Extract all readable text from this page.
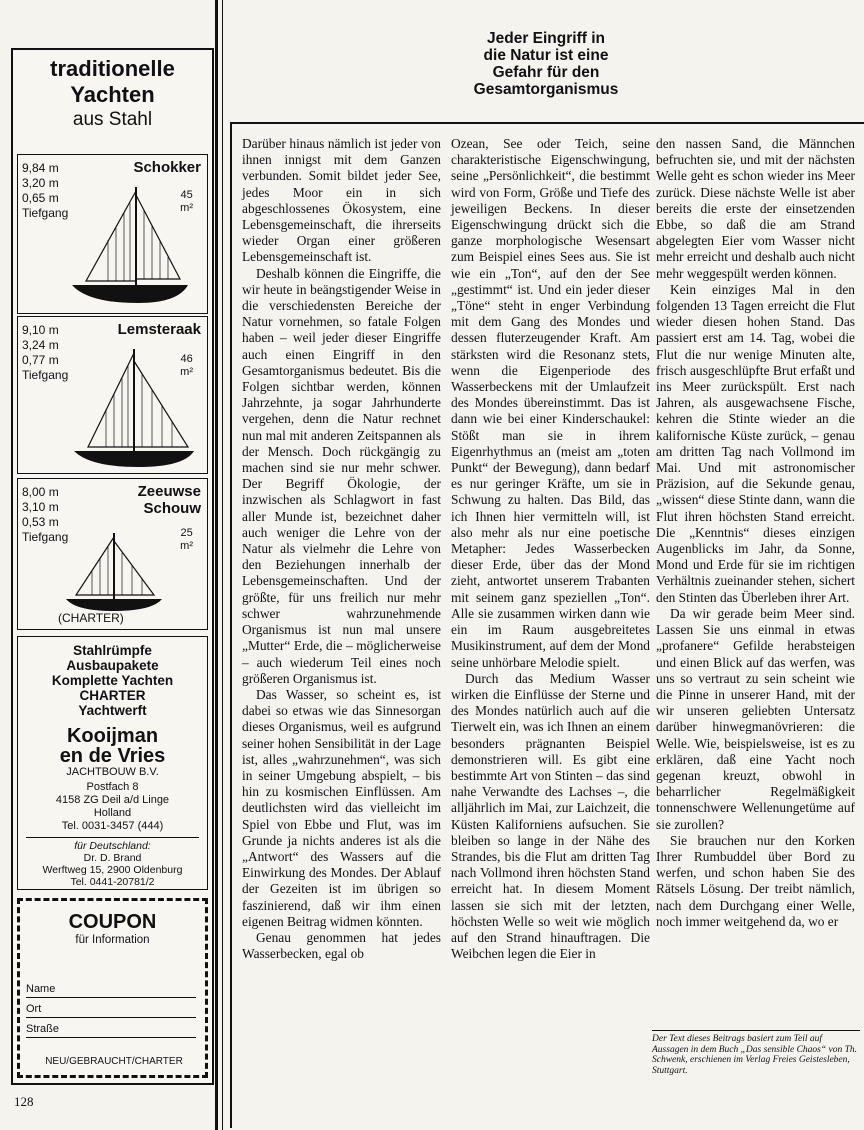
traditionelle
Yachten
aus Stahl
9,84 m
3,20 m
0,65 m
Tiefgang
Schokker
45
m²
9,10 m
3,24 m
0,77 m
Tiefgang
Lemsteraak
46
m²
8,00 m
3,10 m
0,53 m
Tiefgang
Zeeuwse Schouw
25
m²
(CHARTER)
Stahlrümpfe
Ausbaupakete
Komplette Yachten
CHARTER
Yachtwerft
Kooijman
en de Vries
JACHTBOUW B.V.
Postfach 8
4158 ZG Deil a/d Linge
Holland
Tel. 0031-3457 (444)
für Deutschland:
Dr. D. Brand
Werftweg 15, 2900 Oldenburg
Tel. 0441-20781/2
COUPON
für Information
Name
Ort
Straße
NEU/GEBRAUCHT/CHARTER
Jeder Eingriff in
die Natur ist eine
Gefahr für den
Gesamtorganismus

Darüber hinaus nämlich ist jeder von ihnen innigst mit dem Ganzen verbunden. Somit bildet jeder See, jedes Moor ein in sich abgeschlossenes Ökosystem, eine Lebensgemeinschaft, die ihrerseits wieder Organ einer größeren Lebensgemeinschaft ist.

Deshalb können die Eingriffe, die wir heute in beängstigender Weise in die verschiedensten Bereiche der Natur vornehmen, so fatale Folgen haben – weil jeder dieser Eingriffe auch einen Eingriff in den Gesamtorganismus bedeutet. Bis die Folgen sichtbar werden, können Jahrzehnte, ja sogar Jahrhunderte vergehen, denn die Natur rechnet nun mal mit anderen Zeitspannen als der Mensch. Doch rückgängig zu machen sind sie nur mehr schwer. Der Begriff Ökologie, der inzwischen als Schlagwort in fast aller Munde ist, bezeichnet daher auch weniger die Lehre von der Natur als vielmehr die Lehre von den Beziehungen innerhalb der Lebensgemeinschaften. Und der größte, für uns freilich nur mehr schwer wahrzunehmende Organismus ist nun mal unsere „Mutter“ Erde, die – möglicherweise – auch wiederum Teil eines noch größeren Organismus ist.

Das Wasser, so scheint es, ist dabei so etwas wie das Sinnesorgan dieses Organismus, weil es aufgrund seiner hohen Sensibilität in der Lage ist, alles „wahrzunehmen“, was sich in seiner Umgebung abspielt, – bis hin zu kosmischen Einflüssen. Am deutlichsten wird das vielleicht im Spiel von Ebbe und Flut, was im Grunde ja nichts anderes ist als die „Antwort“ des Wassers auf die Einwirkung des Mondes. Der Ablauf der Gezeiten ist im übrigen so faszinierend, daß wir ihm einen eigenen Beitrag widmen könnten.

Genau genommen hat jedes Wasserbecken, egal ob

Ozean, See oder Teich, seine charakteristische Eigenschwingung, seine „Persönlichkeit“, die bestimmt wird von Form, Größe und Tiefe des jeweiligen Beckens. In dieser Eigenschwingung drückt sich die ganze morphologische Wesensart zum Beispiel eines Sees aus. Sie ist wie ein „Ton“, auf den der See „gestimmt“ ist. Und ein jeder dieser „Töne“ steht in enger Verbindung mit dem Gang des Mondes und dessen fluterzeugender Kraft. Am stärksten wird die Resonanz stets, wenn die Eigenperiode des Wasserbeckens mit der Umlaufzeit des Mondes übereinstimmt. Das ist dann wie bei einer Kinderschaukel: Stößt man sie in ihrem Eigenrhythmus an (meist am „toten Punkt“ der Bewegung), dann bedarf es nur geringer Kräfte, um sie in Schwung zu halten. Das Bild, das ich Ihnen hier vermitteln will, ist also mehr als nur eine poetische Metapher: Jedes Wasserbecken dieser Erde, über das der Mond zieht, antwortet unserem Trabanten mit seinem ganz speziellen „Ton“. Alle sie zusammen wirken dann wie ein im Raum ausgebreitetes Musikinstrument, auf dem der Mond seine unhörbare Melodie spielt.

Durch das Medium Wasser wirken die Einflüsse der Sterne und des Mondes natürlich auch auf die Tierwelt ein, was ich Ihnen an einem besonders prägnanten Beispiel demonstrieren will. Es gibt eine bestimmte Art von Stinten – das sind nahe Verwandte des Lachses –, die alljährlich im Mai, zur Laichzeit, die Küsten Kaliforniens aufsuchen. Sie bleiben so lange in der Nähe des Strandes, bis die Flut am dritten Tag nach Vollmond ihren höchsten Stand erreicht hat. In diesem Moment lassen sie sich mit der letzten, höchsten Welle so weit wie möglich auf den Strand hinauftragen. Die Weibchen legen die Eier in

den nassen Sand, die Männchen befruchten sie, und mit der nächsten Welle geht es schon wieder ins Meer zurück. Diese nächste Welle ist aber bereits die erste der einsetzenden Ebbe, so daß die am Strand abgelegten Eier vom Wasser nicht mehr erreicht und deshalb auch nicht mehr weggespült werden können.

Kein einziges Mal in den folgenden 13 Tagen erreicht die Flut wieder diesen hohen Stand. Das passiert erst am 14. Tag, wobei die Flut die nur wenige Minuten alte, frisch ausgeschlüpfte Brut erfaßt und ins Meer zurückspült. Erst nach Jahren, als ausgewachsene Fische, kehren die Stinte wieder an die kalifornische Küste zurück, – genau am dritten Tag nach Vollmond im Mai. Und mit astronomischer Präzision, auf die Sekunde genau, „wissen“ diese Stinte dann, wann die Flut ihren höchsten Stand erreicht. Die „Kenntnis“ dieses einzigen Augenblicks im Jahr, da Sonne, Mond und Erde für sie im richtigen Verhältnis zueinander stehen, sichert den Stinten das Überleben ihrer Art.

Da wir gerade beim Meer sind. Lassen Sie uns einmal in etwas „profanere“ Gefilde herabsteigen und einen Blick auf das werfen, was uns so vertraut zu sein scheint wie die Pinne in unserer Hand, mit der wir unseren geliebten Untersatz darüber hinwegmanövrieren: die Welle. Wie, beispielsweise, ist es zu erklären, daß eine Yacht noch gegenan kreuzt, obwohl in beharrlicher Regelmäßigkeit tonnenschwere Wellenungetüme auf sie zurollen?

Sie brauchen nur den Korken Ihrer Rumbuddel über Bord zu werfen, und schon haben Sie des Rätsels Lösung. Der treibt nämlich, nach dem Durchgang einer Welle, noch immer weitgehend da, wo er

Der Text dieses Beitrags basiert zum Teil auf Aussagen in dem Buch „Das sensible Chaos“ von Th. Schwenk, erschienen im Verlag Freies Geistesleben, Stuttgart.
128
